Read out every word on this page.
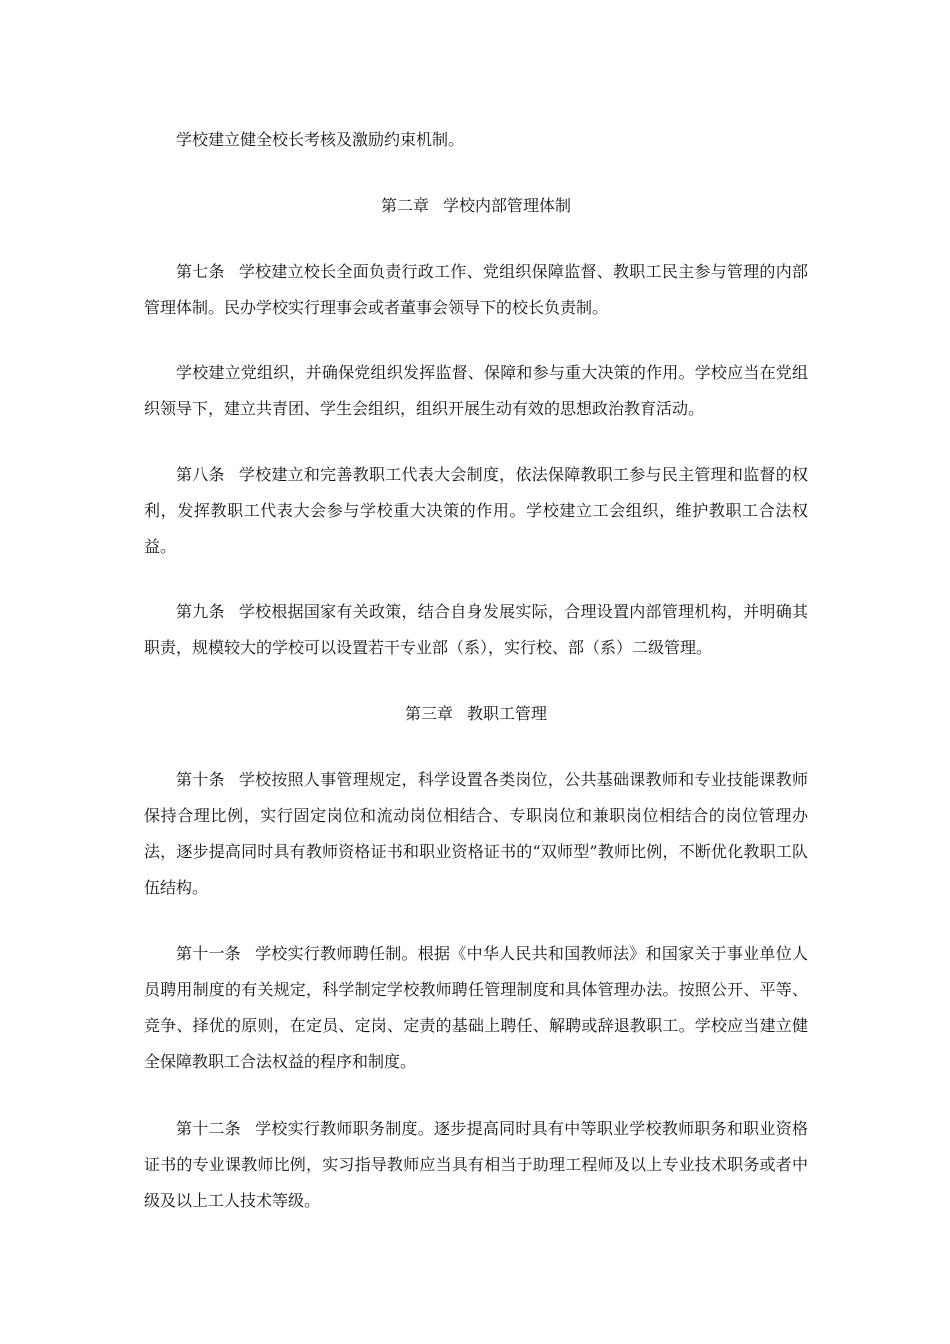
学校建立健全校长考核及激励约束机制。

第二章 学校内部管理体制

第七条 学校建立校长全面负责行政工作、党组织保障监督、教职工民主参与管理的内部管理体制。民办学校实行理事会或者董事会领导下的校长负责制。

学校建立党组织，并确保党组织发挥监督、保障和参与重大决策的作用。学校应当在党组织领导下，建立共青团、学生会组织，组织开展生动有效的思想政治教育活动。

第八条 学校建立和完善教职工代表大会制度，依法保障教职工参与民主管理和监督的权利，发挥教职工代表大会参与学校重大决策的作用。学校建立工会组织，维护教职工合法权益。

第九条 学校根据国家有关政策，结合自身发展实际，合理设置内部管理机构，并明确其职责，规模较大的学校可以设置若干专业部（系），实行校、部（系）二级管理。

第三章 教职工管理

第十条 学校按照人事管理规定，科学设置各类岗位，公共基础课教师和专业技能课教师保持合理比例，实行固定岗位和流动岗位相结合、专职岗位和兼职岗位相结合的岗位管理办法，逐步提高同时具有教师资格证书和职业资格证书的“双师型”教师比例，不断优化教职工队伍结构。

第十一条 学校实行教师聘任制。根据《中华人民共和国教师法》和国家关于事业单位人员聘用制度的有关规定，科学制定学校教师聘任管理制度和具体管理办法。按照公开、平等、竞争、择优的原则，在定员、定岗、定责的基础上聘任、解聘或辞退教职工。学校应当建立健全保障教职工合法权益的程序和制度。

第十二条 学校实行教师职务制度。逐步提高同时具有中等职业学校教师职务和职业资格证书的专业课教师比例，实习指导教师应当具有相当于助理工程师及以上专业技术职务或者中级及以上工人技术等级。
